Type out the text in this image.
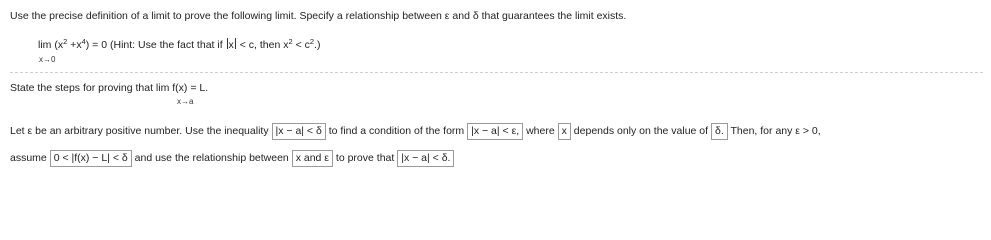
Use the precise definition of a limit to prove the following limit. Specify a relationship between ε and δ that guarantees the limit exists.
$\lim (x^2 +x^4) = 0$ (Hint: Use the fact that if x < c, then $x^2 < c^2$.)
x→0
State the steps for proving that lim f(x) = L.
x→a
Let ε be an arbitrary positive number. Use the inequality |x − a| < δ to find a condition of the form |x − a| < ε, where x depends only on the value of δ. Then, for any ε > 0,
assume 0 < |f(x) − L| < δ and use the relationship between x and ε to prove that |x − a| < δ.
